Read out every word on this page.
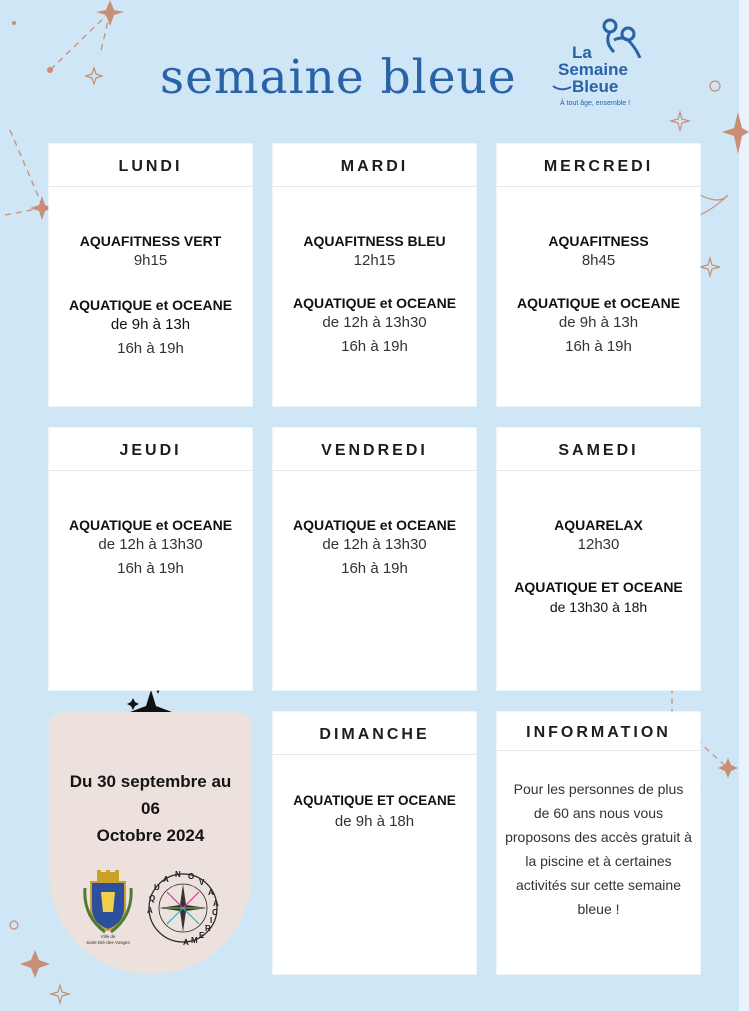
semaine bleue	La
Semaine
Bleue
À tout âge, ensemble !
LUNDI
AQUAFITNESS VERT
9h15
AQUATIQUE et OCEANE
de 9h à 13h
16h à 19h
MARDI
AQUAFITNESS BLEU
12h15
AQUATIQUE et OCEANE
de 12h à 13h30
16h à 19h
MERCREDI
AQUAFITNESS
8h45
AQUATIQUE et OCEANE
de 9h à 13h
16h à 19h
JEUDI
AQUATIQUE et OCEANE
de 12h à 13h30
16h à 19h
VENDREDI
AQUATIQUE et OCEANE
de 12h à 13h30
16h à 19h
SAMEDI
AQUARELAX
12h30
AQUATIQUE ET OCEANE
de 13h30 à 18h
Du 30 septembre au
06
Octobre 2024
Ville de
Saint-Dié-des-Vosges
A
Q
U
A
N O
V
A
A M
E
R
I
C
A
DIMANCHE
AQUATIQUE ET OCEANE
de 9h à 18h
INFORMATION
Pour les personnes de plus de 60 ans nous vous proposons des accès gratuit à la piscine et à certaines activités sur cette semaine bleue !
